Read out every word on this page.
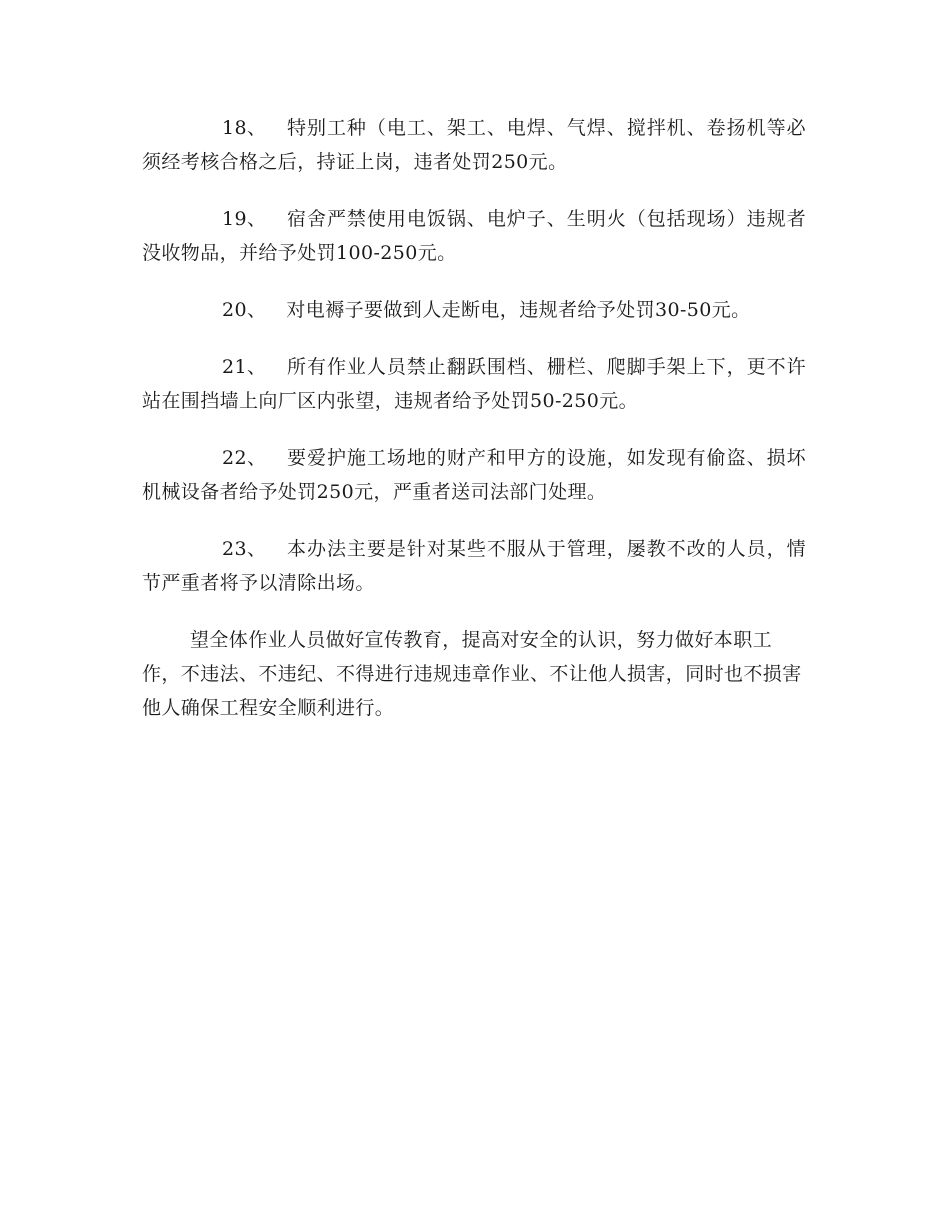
18、 特别工种（电工、架工、电焊、气焊、搅拌机、卷扬机等必须经考核合格之后，持证上岗，违者处罚250元。

19、 宿舍严禁使用电饭锅、电炉子、生明火（包括现场）违规者没收物品，并给予处罚100-250元。

20、 对电褥子要做到人走断电，违规者给予处罚30-50元。

21、 所有作业人员禁止翻跃围档、栅栏、爬脚手架上下，更不许站在围挡墙上向厂区内张望，违规者给予处罚50-250元。

22、 要爱护施工场地的财产和甲方的设施，如发现有偷盗、损坏机械设备者给予处罚250元，严重者送司法部门处理。

23、 本办法主要是针对某些不服从于管理，屡教不改的人员，情节严重者将予以清除出场。

望全体作业人员做好宣传教育，提高对安全的认识，努力做好本职工作，不违法、不违纪、不得进行违规违章作业、不让他人损害，同时也不损害他人确保工程安全顺利进行。
